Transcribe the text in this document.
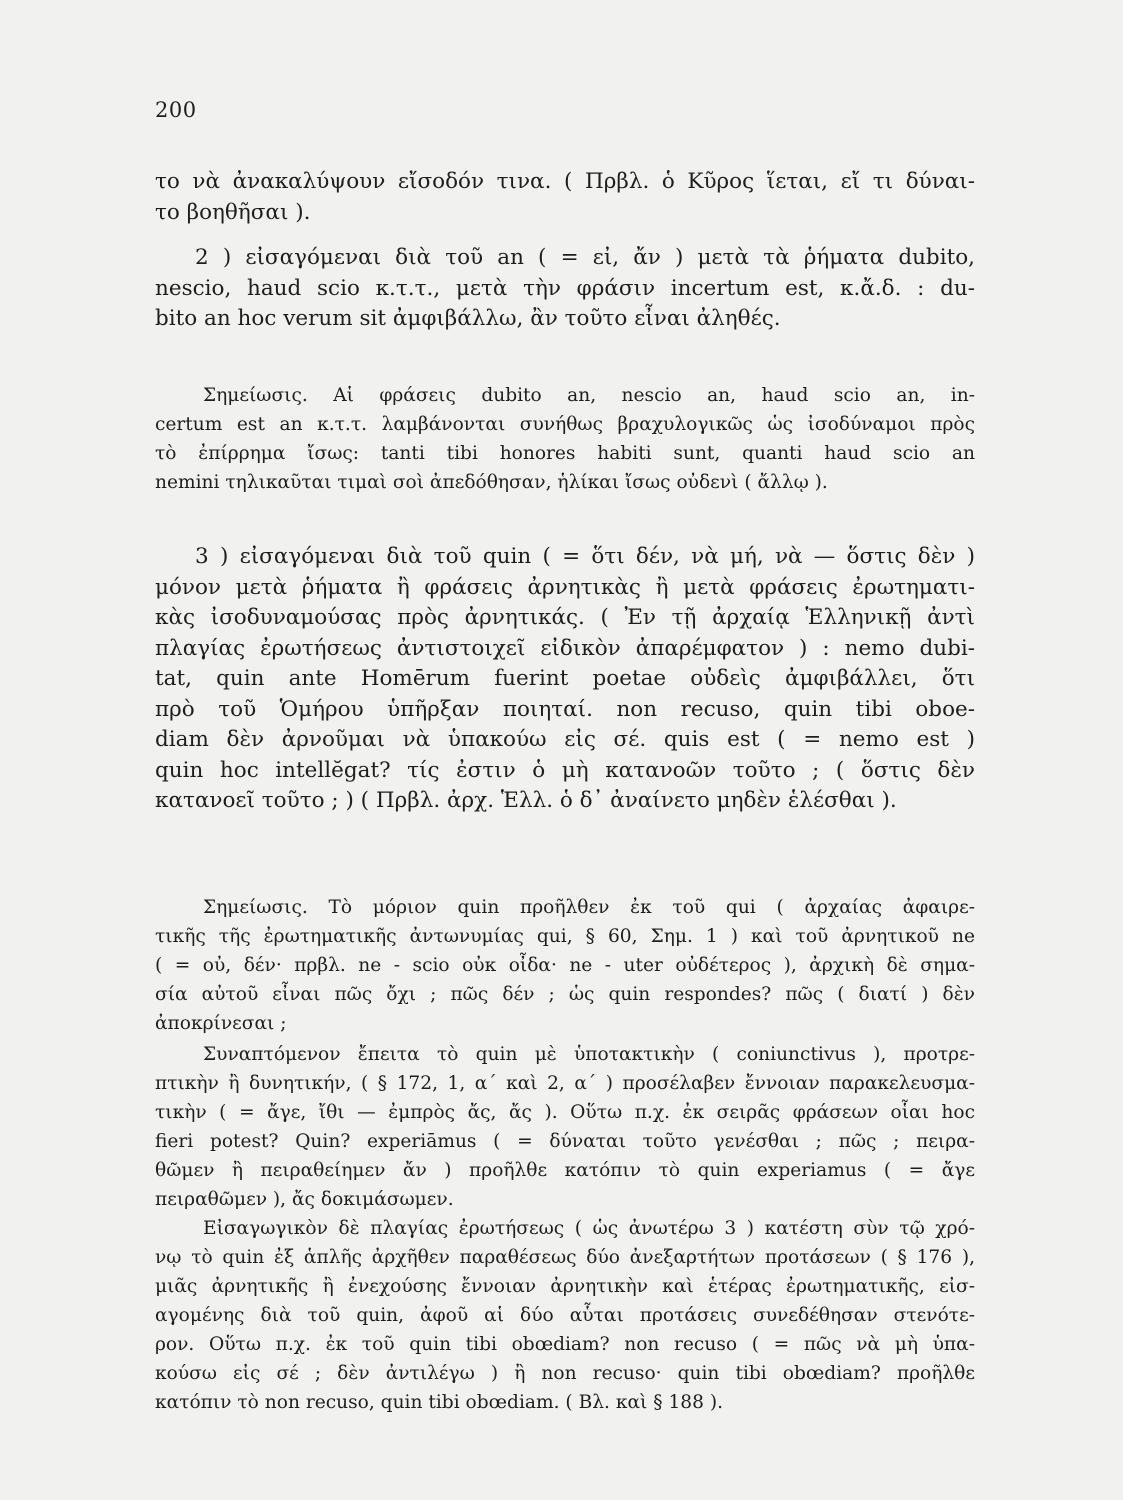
200
το νὰ ἀνακαλύψουν εἴσοδόν τινα. ( Πρβλ. ὁ Κῦρος ἵεται, εἴ τι δύναι-
το βοηθῆσαι ).
2 ) εἰσαγόμεναι διὰ τοῦ an ( = εἰ, ἄν ) μετὰ τὰ ῥήματα dubito,
nescio, haud scio κ.τ.τ., μετὰ τὴν φράσιν incertum est, κ.ἄ.δ. : du-
bito an hoc verum sit ἀμφιβάλλω, ἂν τοῦτο εἶναι ἀληθές.
Σημείωσις. Αἱ φράσεις dubito an, nescio an, haud scio an, in-
certum est an κ.τ.τ. λαμβάνονται συνήθως βραχυλογικῶς ὡς ἰσοδύναμοι πρὸς
τὸ ἐπίρρημα ἴσως: tanti tibi honores habiti sunt, quanti haud scio an
nemini τηλικαῦται τιμαὶ σοὶ ἀπεδόθησαν, ἡλίκαι ἴσως οὐδενὶ ( ἄλλῳ ).
3 ) εἰσαγόμεναι διὰ τοῦ quin ( = ὅτι δέν, νὰ μή, νὰ — ὅστις δὲν )
μόνον μετὰ ῥήματα ἢ φράσεις ἀρνητικὰς ἢ μετὰ φράσεις ἐρωτηματι-
κὰς ἰσοδυναμούσας πρὸς ἀρνητικάς. ( Ἐν τῇ ἀρχαίᾳ Ἑλληνικῇ ἀντὶ
πλαγίας ἐρωτήσεως ἀντιστοιχεῖ εἰδικὸν ἀπαρέμφατον ) : nemo dubi-
tat, quin ante Homērum fuerint poetae οὐδεὶς ἀμφιβάλλει, ὅτι
πρὸ τοῦ Ὁμήρου ὑπῆρξαν ποιηταί. non recuso, quin tibi oboe-
diam δὲν ἀρνοῦμαι νὰ ὑπακούω εἰς σέ. quis est ( = nemo est )
quin hoc intellĕgat? τίς ἐστιν ὁ μὴ κατανοῶν τοῦτο ; ( ὅστις δὲν
κατανοεῖ τοῦτο ; ) ( Πρβλ. ἀρχ. Ἑλλ. ὁ δ᾽ ἀναίνετο μηδὲν ἑλέσθαι ).
Σημείωσις. Τὸ μόριον quin προῆλθεν ἐκ τοῦ qui ( ἀρχαίας ἀφαιρε-
τικῆς τῆς ἐρωτηματικῆς ἀντωνυμίας qui, § 60, Σημ. 1 ) καὶ τοῦ ἀρνητικοῦ ne
( = οὐ, δέν· πρβλ. ne - scio οὐκ οἶδα· ne - uter οὐδέτερος ), ἀρχικὴ δὲ σημα-
σία αὐτοῦ εἶναι πῶς ὄχι ; πῶς δέν ; ὡς quin respondes? πῶς ( διατί ) δὲν
ἀποκρίνεσαι ;
Συναπτόμενον ἔπειτα τὸ quin μὲ ὑποτακτικὴν ( coniunctivus ), προτρε-
πτικὴν ἢ δυνητικήν, ( § 172, 1, α΄ καὶ 2, α΄ ) προσέλαβεν ἔννοιαν παρακελευσμα-
τικὴν ( = ἄγε, ἴθι — ἐμπρὸς ἄς, ἄς ). Οὕτω π.χ. ἐκ σειρᾶς φράσεων οἷαι hoc
fieri potest? Quin? experiāmus ( = δύναται τοῦτο γενέσθαι ; πῶς ; πειρα-
θῶμεν ἢ πειραθείημεν ἄν ) προῆλθε κατόπιν τὸ quin experiamus ( = ἄγε
πειραθῶμεν ), ἄς δοκιμάσωμεν.
Εἰσαγωγικὸν δὲ πλαγίας ἐρωτήσεως ( ὡς ἀνωτέρω 3 ) κατέστη σὺν τῷ χρό-
νῳ τὸ quin ἐξ ἁπλῆς ἀρχῆθεν παραθέσεως δύο ἀνεξαρτήτων προτάσεων ( § 176 ),
μιᾶς ἀρνητικῆς ἢ ἐνεχούσης ἔννοιαν ἀρνητικὴν καὶ ἑτέρας ἐρωτηματικῆς, εἰσ-
αγομένης διὰ τοῦ quin, ἀφοῦ αἱ δύο αὗται προτάσεις συνεδέθησαν στενότε-
ρον. Οὕτω π.χ. ἐκ τοῦ quin tibi obœdiam? non recuso ( = πῶς νὰ μὴ ὑπα-
κούσω εἰς σέ ; δὲν ἀντιλέγω ) ἢ non recuso· quin tibi obœdiam? προῆλθε
κατόπιν τὸ non recuso, quin tibi obœdiam. ( Βλ. καὶ § 188 ).
